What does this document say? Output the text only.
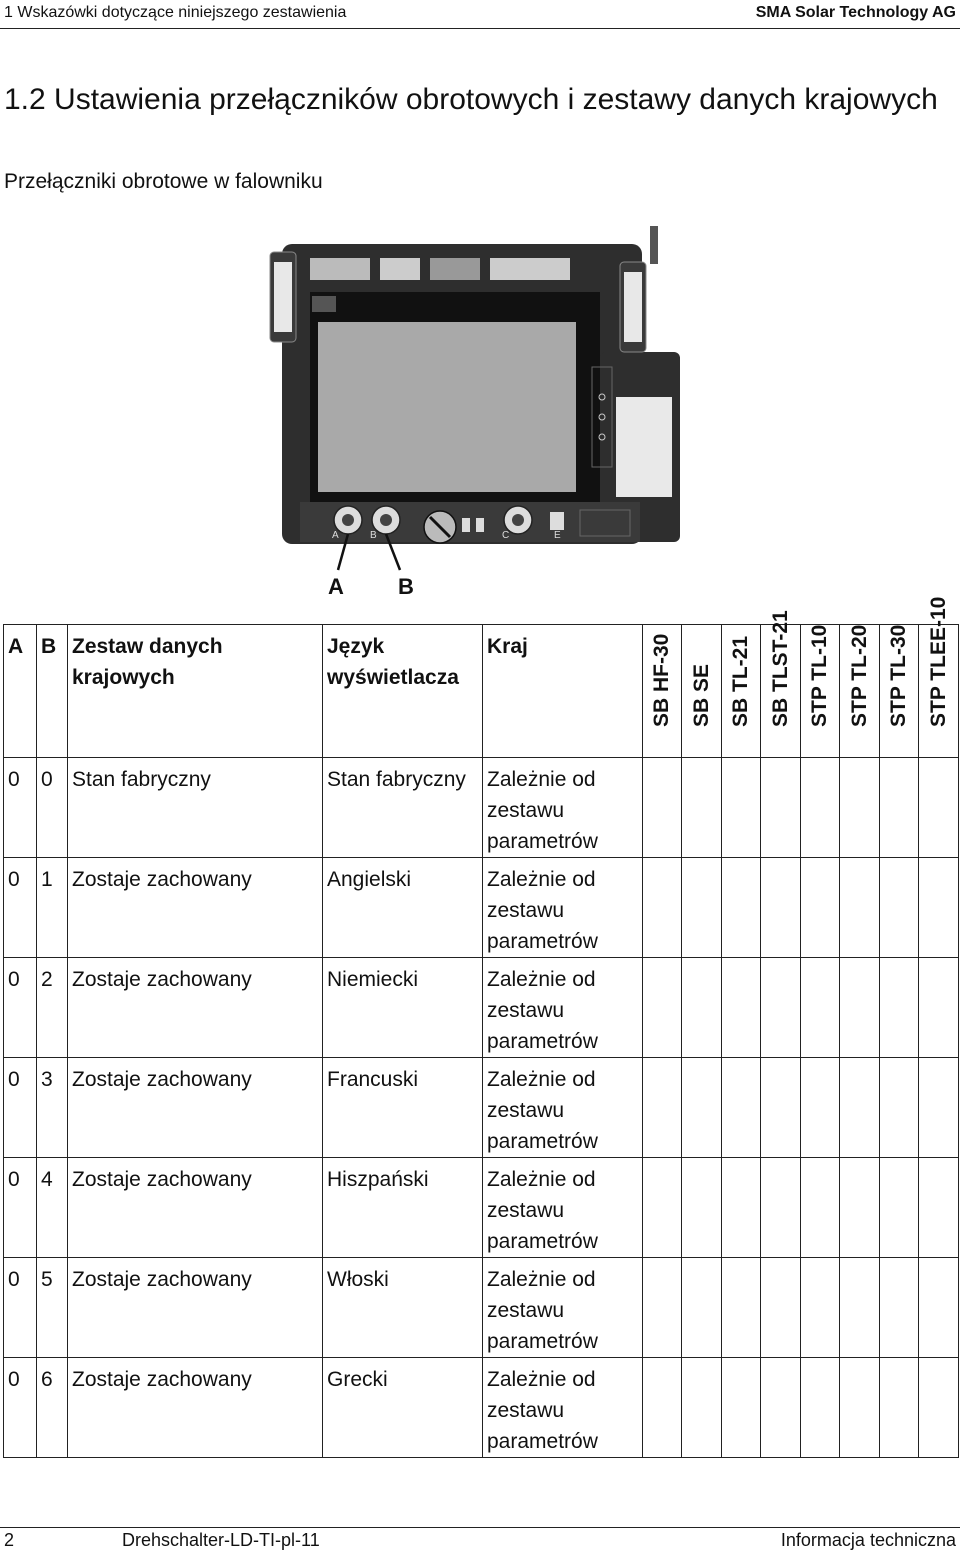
1 Wskazówki dotyczące niniejszego zestawienia	SMA Solar Technology AG
1.2 Ustawienia przełączników obrotowych i zestawy danych krajowych
Przełączniki obrotowe w falowniku
A	B	C	E
A B
A	B	Zestaw danych krajowych	Język wyświetlacza	Kraj	SB HF-30	SB SE	SB TL-21	SB TLST-21	STP TL-10	STP TL-20	STP TL-30	STP TLEE-10

0	0	Stan fabryczny	Stan fabryczny	Zależnie od zestawu parametrów								
0	1	Zostaje zachowany	Angielski	Zależnie od zestawu parametrów								
0	2	Zostaje zachowany	Niemiecki	Zależnie od zestawu parametrów								
0	3	Zostaje zachowany	Francuski	Zależnie od zestawu parametrów								
0	4	Zostaje zachowany	Hiszpański	Zależnie od zestawu parametrów								
0	5	Zostaje zachowany	Włoski	Zależnie od zestawu parametrów								
0	6	Zostaje zachowany	Grecki	Zależnie od zestawu parametrów								
2	Drehschalter-LD-TI-pl-11	Informacja techniczna
